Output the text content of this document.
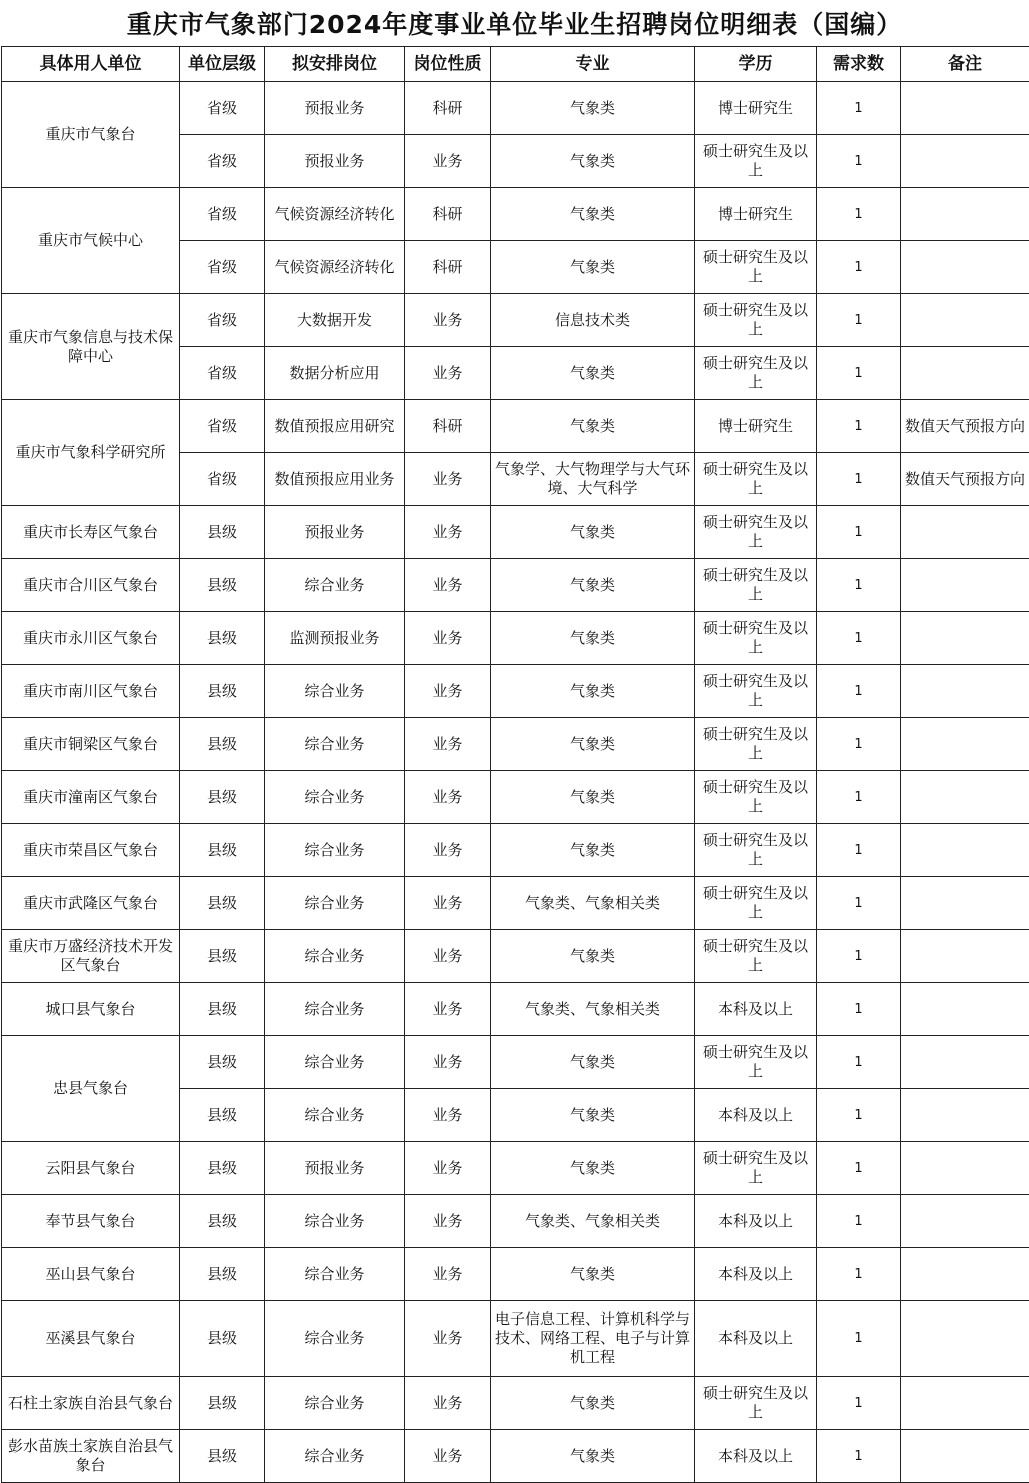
重庆市气象部门2024年度事业单位毕业生招聘岗位明细表（国编）
具体用人单位	单位层级	拟安排岗位	岗位性质	专业	学历	需求数	备注
重庆市气象台	省级	预报业务	科研	气象类	博士研究生	1	
	省级	预报业务	业务	气象类	硕士研究生及以上	1	
重庆市气候中心	省级	气候资源经济转化	科研	气象类	博士研究生	1	
	省级	气候资源经济转化	科研	气象类	硕士研究生及以上	1	
重庆市气象信息与技术保障中心	省级	大数据开发	业务	信息技术类	硕士研究生及以上	1	
	省级	数据分析应用	业务	气象类	硕士研究生及以上	1	
重庆市气象科学研究所	省级	数值预报应用研究	科研	气象类	博士研究生	1	数值天气预报方向
	省级	数值预报应用业务	业务	气象学、大气物理学与大气环境、大气科学	硕士研究生及以上	1	数值天气预报方向
重庆市长寿区气象台	县级	预报业务	业务	气象类	硕士研究生及以上	1	
重庆市合川区气象台	县级	综合业务	业务	气象类	硕士研究生及以上	1	
重庆市永川区气象台	县级	监测预报业务	业务	气象类	硕士研究生及以上	1	
重庆市南川区气象台	县级	综合业务	业务	气象类	硕士研究生及以上	1	
重庆市铜梁区气象台	县级	综合业务	业务	气象类	硕士研究生及以上	1	
重庆市潼南区气象台	县级	综合业务	业务	气象类	硕士研究生及以上	1	
重庆市荣昌区气象台	县级	综合业务	业务	气象类	硕士研究生及以上	1	
重庆市武隆区气象台	县级	综合业务	业务	气象类、气象相关类	硕士研究生及以上	1	
重庆市万盛经济技术开发区气象台	县级	综合业务	业务	气象类	硕士研究生及以上	1	
城口县气象台	县级	综合业务	业务	气象类、气象相关类	本科及以上	1	
忠县气象台	县级	综合业务	业务	气象类	硕士研究生及以上	1	
	县级	综合业务	业务	气象类	本科及以上	1	
云阳县气象台	县级	预报业务	业务	气象类	硕士研究生及以上	1	
奉节县气象台	县级	综合业务	业务	气象类、气象相关类	本科及以上	1	
巫山县气象台	县级	综合业务	业务	气象类	本科及以上	1	
巫溪县气象台	县级	综合业务	业务	电子信息工程、计算机科学与技术、网络工程、电子与计算机工程	本科及以上	1	
石柱土家族自治县气象台	县级	综合业务	业务	气象类	硕士研究生及以上	1	
彭水苗族土家族自治县气象台	县级	综合业务	业务	气象类	本科及以上	1	
